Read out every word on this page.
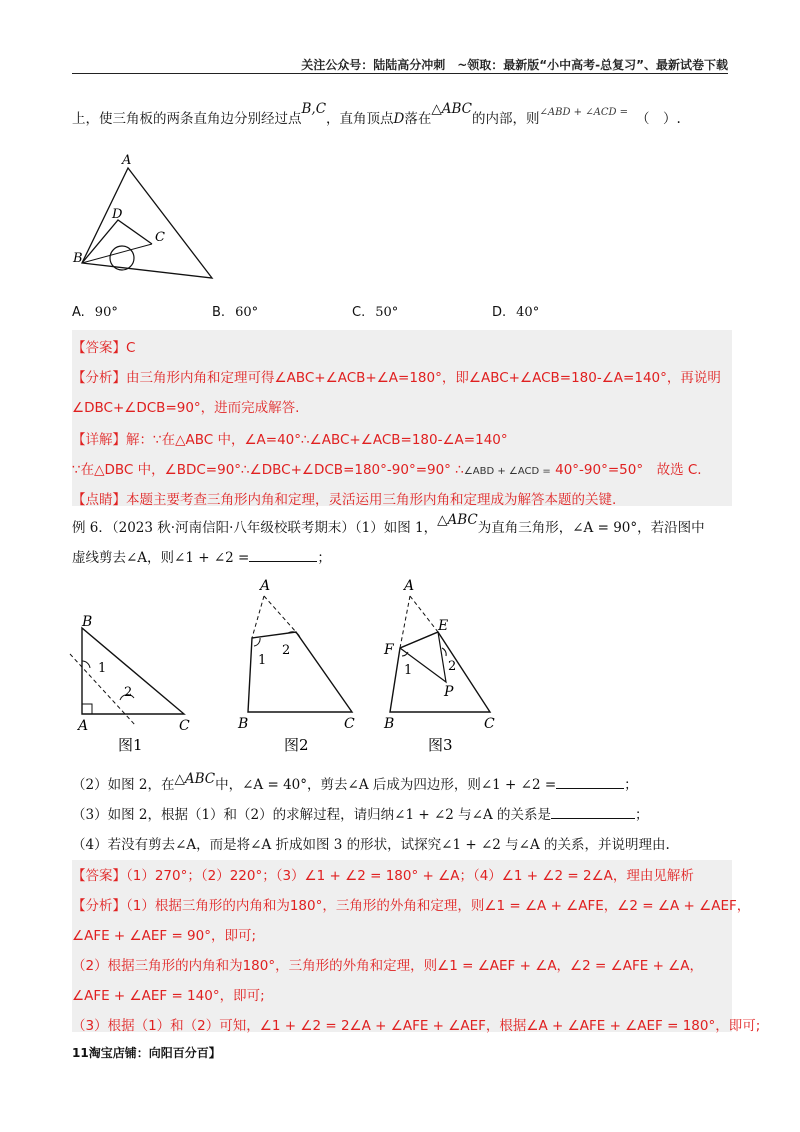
关注公众号：陆陆高分冲刺　~领取：最新版“小中高考-总复习”、最新试卷下载
上，使三角板的两条直角边分别经过点B,C，直角顶点D落在△ABC的内部，则$^{\angle ABD + \angle ACD =}$ （　）.
A
B
C
D
A. 90°	B. 60°	C. 50°	D. 40°
【答案】C
【分析】由三角形内角和定理可得∠ABC+∠ACB+∠A=180°，即∠ABC+∠ACB=180-∠A=140°，再说明
∠DBC+∠DCB=90°，进而完成解答.
【详解】解：∵在△ABC 中，∠A=40°∴∠ABC+∠ACB=180-∠A=140°
∵在△DBC 中，∠BDC=90°∴∠DBC+∠DCB=180°-90°=90° ∴∠ABD + ∠ACD = 40°-90°=50°　故选 C.
【点睛】本题主要考查三角形内角和定理，灵活运用三角形内角和定理成为解答本题的关键.
例 6．（2023 秋·河南信阳·八年级校联考期末）（1）如图 1，△ABC为直角三角形，∠A = 90°，若沿图中
虚线剪去∠A，则∠1 + ∠2 =	；
B
A	C
1
2
图1
A
B	C
1
2
图2
A
E
F
P
B	C
1	2
图3
（2）如图 2，在△ABC中，∠A = 40°，剪去∠A 后成为四边形，则∠1 + ∠2 =	；
（3）如图 2，根据（1）和（2）的求解过程，请归纳∠1 + ∠2 与∠A 的关系是	；
（4）若没有剪去∠A，而是将∠A 折成如图 3 的形状，试探究∠1 + ∠2 与∠A 的关系，并说明理由.
【答案】（1）270°；（2）220°；（3）∠1 + ∠2 = 180° + ∠A；（4）∠1 + ∠2 = 2∠A，理由见解析
【分析】（1）根据三角形的内角和为180°，三角形的外角和定理，则∠1 = ∠A + ∠AFE，∠2 = ∠A + ∠AEF，
∠AFE + ∠AEF = 90°，即可;
（2）根据三角形的内角和为180°，三角形的外角和定理，则∠1 = ∠AEF + ∠A，∠2 = ∠AFE + ∠A，
∠AFE + ∠AEF = 140°，即可;
（3）根据（1）和（2）可知，∠1 + ∠2 = 2∠A + ∠AFE + ∠AEF，根据∠A + ∠AFE + ∠AEF = 180°，即可;
11淘宝店铺：向阳百分百】
